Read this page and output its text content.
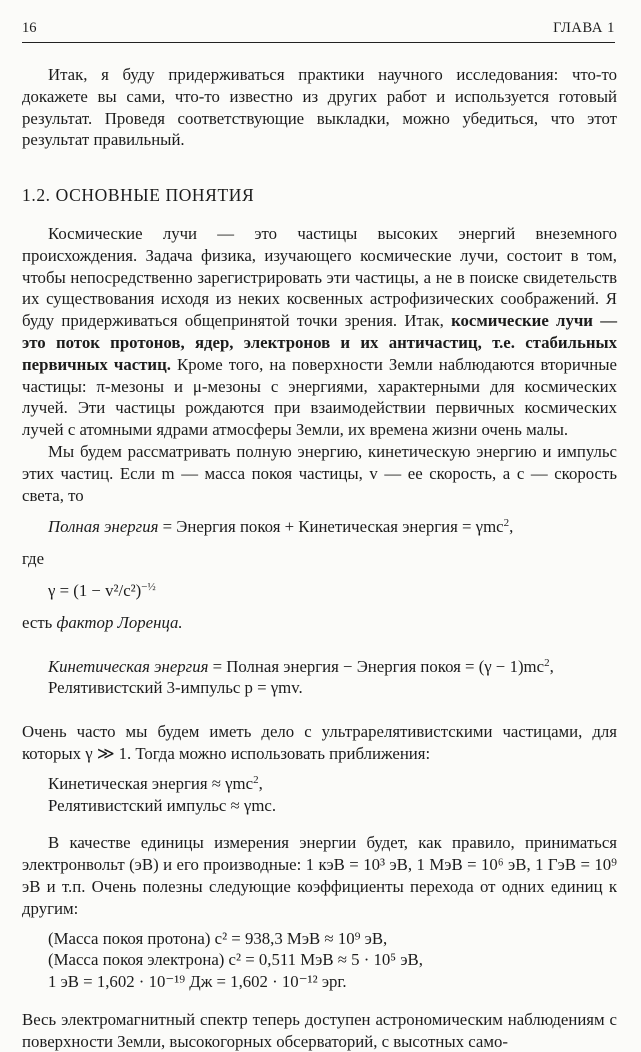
16	ГЛАВА 1

Итак, я буду придерживаться практики научного исследования: что-то докажете вы сами, что-то известно из других работ и используется готовый результат. Проведя соответствующие выкладки, можно убедиться, что этот результат правильный.

1.2. ОСНОВНЫЕ ПОНЯТИЯ

Космические лучи — это частицы высоких энергий внеземного происхождения. Задача физика, изучающего космические лучи, состоит в том, чтобы непосредственно зарегистрировать эти частицы, а не в поиске свидетельств их существования исходя из неких косвенных астрофизических соображений. Я буду придерживаться общепринятой точки зрения. Итак, космические лучи — это поток протонов, ядер, электронов и их античастиц, т.е. стабильных первичных частиц. Кроме того, на поверхности Земли наблюдаются вторичные частицы: π-мезоны и μ-мезоны с энергиями, характерными для космических лучей. Эти частицы рождаются при взаимодействии первичных космических лучей с атомными ядрами атмосферы Земли, их времена жизни очень малы.

Мы будем рассматривать полную энергию, кинетическую энергию и импульс этих частиц. Если m — масса покоя частицы, v — ее скорость, а c — скорость света, то

Полная энергия = Энергия покоя + Кинетическая энергия = γmc$^2$,

где

$\gamma = (1 - v^2/c^2)^{-\frac{1}{2}}$

есть фактор Лоренца.

Кинетическая энергия = Полная энергия − Энергия покоя = $(\gamma - 1)mc^2$,
Релятивистский 3-импульс p = γmv.

Очень часто мы будем иметь дело с ультрарелятивистскими частицами, для которых γ ≫ 1. Тогда можно использовать приближения:

Кинетическая энергия ≈ γmc$^2$,
Релятивистский импульс ≈ γmc.

В качестве единицы измерения энергии будет, как правило, приниматься электронвольт (эВ) и его производные: 1 кэВ = 10³ эВ, 1 МэВ = 10⁶ эВ, 1 ГэВ = 10⁹ эВ и т.п. Очень полезны следующие коэффициенты перехода от одних единиц к другим:

(Масса покоя протона) c² = 938,3 МэВ ≈ 10⁹ эВ,
(Масса покоя электрона) c² = 0,511 МэВ ≈ 5 · 10⁵ эВ,
1 эВ = 1,602 · 10⁻¹⁹ Дж = 1,602 · 10⁻¹² эрг.

Весь электромагнитный спектр теперь доступен астрономическим наблюдениям с поверхности Земли, высокогорных обсерваторий, с высотных само-
